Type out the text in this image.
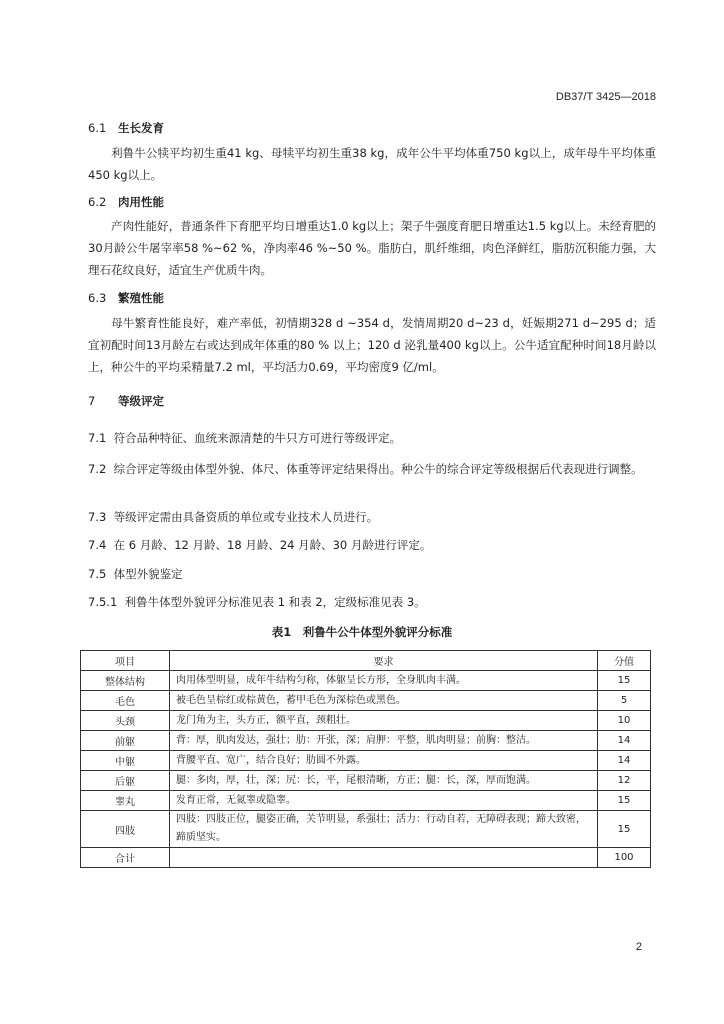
DB37/T 3425—2018
6.1 生长发育
利鲁牛公犊平均初生重41 kg、母犊平均初生重38 kg，成年公牛平均体重750 kg以上，成年母牛平均体重450 kg以上。
6.2 肉用性能
产肉性能好，普通条件下育肥平均日增重达1.0 kg以上；架子牛强度育肥日增重达1.5 kg以上。未经育肥的30月龄公牛屠宰率58 %~62 %，净肉率46 %~50 %。脂肪白，肌纤维细，肉色泽鲜红，脂肪沉积能力强，大理石花纹良好，适宜生产优质牛肉。
6.3 繁殖性能
母牛繁育性能良好，难产率低，初情期328 d ~354 d，发情周期20 d~23 d，妊娠期271 d~295 d；适宜初配时间13月龄左右或达到成年体重的80 % 以上；120 d 泌乳量400 kg以上。公牛适宜配种时间18月龄以上，种公牛的平均采精量7.2 ml，平均活力0.69，平均密度9 亿/ml。
7 等级评定
7.1 符合品种特征、血统来源清楚的牛只方可进行等级评定。
7.2 综合评定等级由体型外貌、体尺、体重等评定结果得出。种公牛的综合评定等级根据后代表现进行调整。
7.3 等级评定需由具备资质的单位或专业技术人员进行。
7.4 在 6 月龄、12 月龄、18 月龄、24 月龄、30 月龄进行评定。
7.5 体型外貌鉴定
7.5.1 利鲁牛体型外貌评分标准见表 1 和表 2，定级标准见表 3。
表1　利鲁牛公牛体型外貌评分标准
项目	要求	分值
整体结构	肉用体型明显，成年牛结构匀称，体躯呈长方形，全身肌肉丰满。	15
毛色	被毛色呈棕红或棕黄色，蓄甲毛色为深棕色或黑色。	5
头颈	龙门角为主，头方正，额平直，颈粗壮。	10
前躯	背：厚，肌肉发达，强壮；肋：开张，深；肩胛：平整，肌肉明显；前胸：整洁。	14
中躯	背腰平直、宽广，结合良好；肋圆不外露。	14
后躯	腿：多肉，厚，壮，深；尻：长，平，尾根清晰，方正；腿：长，深，厚而饱满。	12
睾丸	发育正常，无氮睾或隐睾。	15
四肢	四肢：四肢正位，腿姿正确，关节明显，系强壮；活力：行动自若，无障碍表现；蹄大致密，蹄质坚实。	15
合计		100
2
